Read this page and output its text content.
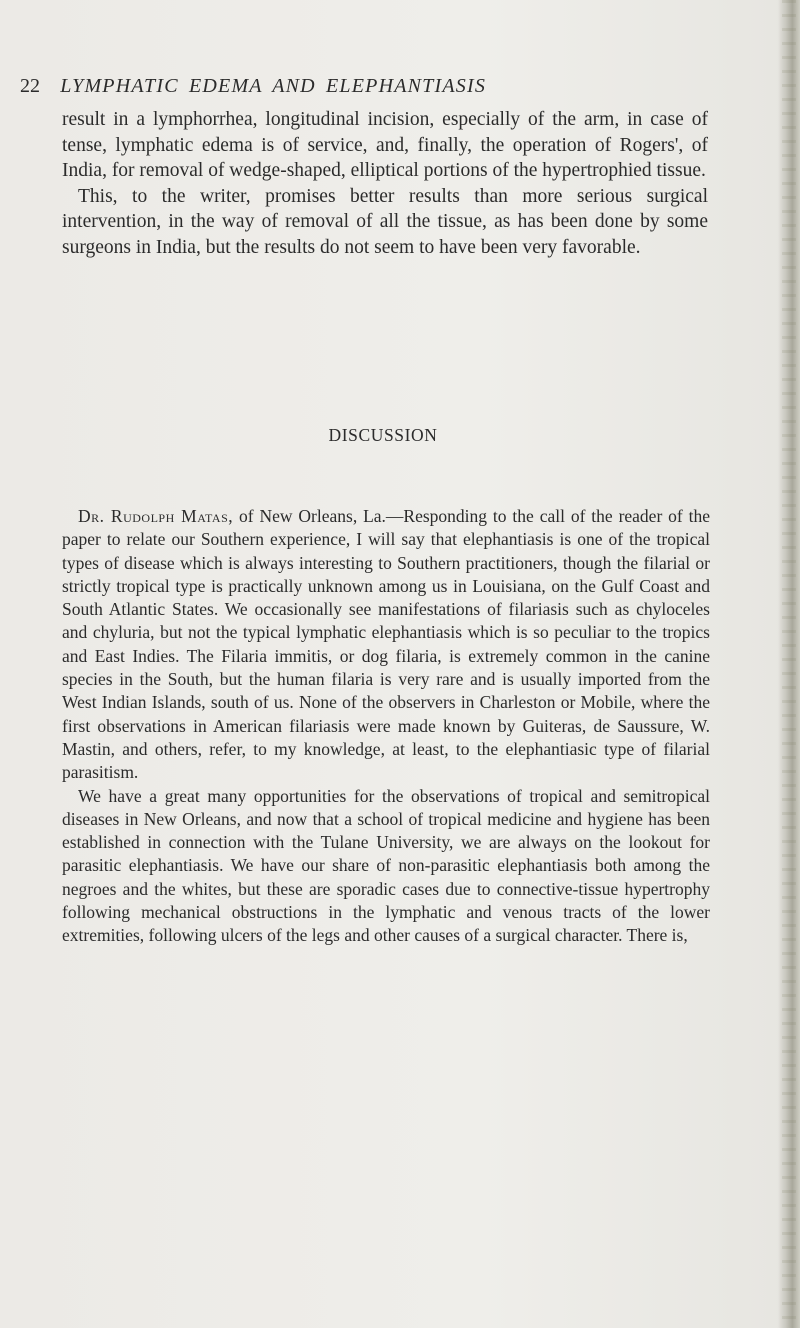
22 LYMPHATIC EDEMA AND ELEPHANTIASIS

result in a lymphorrhea, longitudinal incision, especially of the arm, in case of tense, lymphatic edema is of service, and, finally, the operation of Rogers', of India, for removal of wedge-shaped, elliptical portions of the hypertrophied tissue.

This, to the writer, promises better results than more serious surgical intervention, in the way of removal of all the tissue, as has been done by some surgeons in India, but the results do not seem to have been very favorable.

DISCUSSION

Dr. Rudolph Matas, of New Orleans, La.—Responding to the call of the reader of the paper to relate our Southern experience, I will say that elephantiasis is one of the tropical types of disease which is always interesting to Southern practitioners, though the filarial or strictly tropical type is practically unknown among us in Louisiana, on the Gulf Coast and South Atlantic States. We occasionally see manifestations of filariasis such as chyloceles and chyluria, but not the typical lymphatic elephantiasis which is so peculiar to the tropics and East Indies. The Filaria immitis, or dog filaria, is extremely common in the canine species in the South, but the human filaria is very rare and is usually imported from the West Indian Islands, south of us. None of the observers in Charleston or Mobile, where the first observations in American filariasis were made known by Guiteras, de Saussure, W. Mastin, and others, refer, to my knowledge, at least, to the elephantiasic type of filarial parasitism.

We have a great many opportunities for the observations of tropical and semitropical diseases in New Orleans, and now that a school of tropical medicine and hygiene has been established in connection with the Tulane University, we are always on the lookout for parasitic elephantiasis. We have our share of non-parasitic elephantiasis both among the negroes and the whites, but these are sporadic cases due to connective-tissue hypertrophy following mechanical obstructions in the lymphatic and venous tracts of the lower extremities, following ulcers of the legs and other causes of a surgical character. There is,
